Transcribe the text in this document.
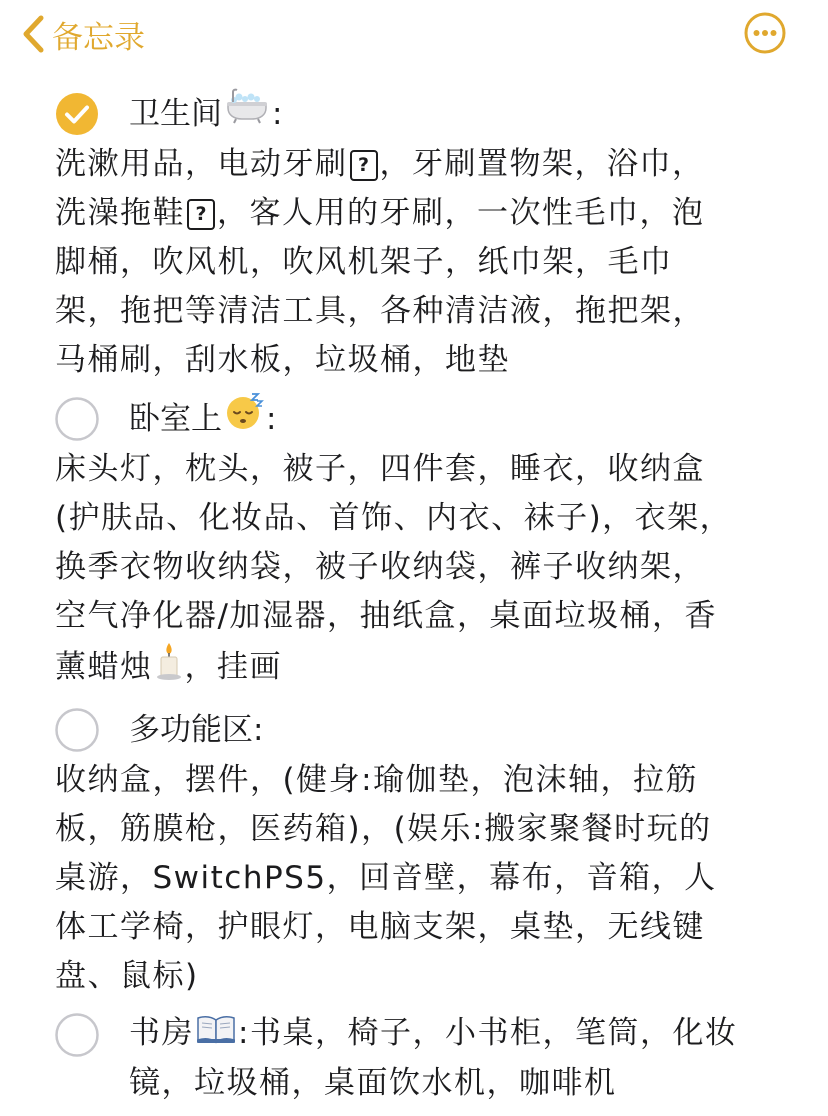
备忘录
卫生间 :
洗漱用品，电动牙刷 ? ，牙刷置物架，浴巾，
洗澡拖鞋 ? ，客人用的牙刷，一次性毛巾，泡
脚桶，吹风机，吹风机架子，纸巾架，毛巾
架，拖把等清洁工具，各种清洁液，拖把架，
马桶刷，刮水板，垃圾桶，地垫
卧室上 :
床头灯，枕头，被子，四件套，睡衣，收纳盒
(护肤品、化妆品、首饰、内衣、袜子)，衣架，
换季衣物收纳袋，被子收纳袋，裤子收纳架，
空气净化器/加湿器，抽纸盒，桌面垃圾桶，香
薰蜡烛 ，挂画
多功能区:
收纳盒，摆件，(健身:瑜伽垫，泡沫轴，拉筋
板，筋膜枪，医药箱)，(娱乐:搬家聚餐时玩的
桌游，SwitchPS5，回音壁，幕布，音箱，人
体工学椅，护眼灯，电脑支架，桌垫，无线键
盘、鼠标)
书房 :书桌，椅子，小书柜，笔筒，化妆
镜，垃圾桶，桌面饮水机，咖啡机
